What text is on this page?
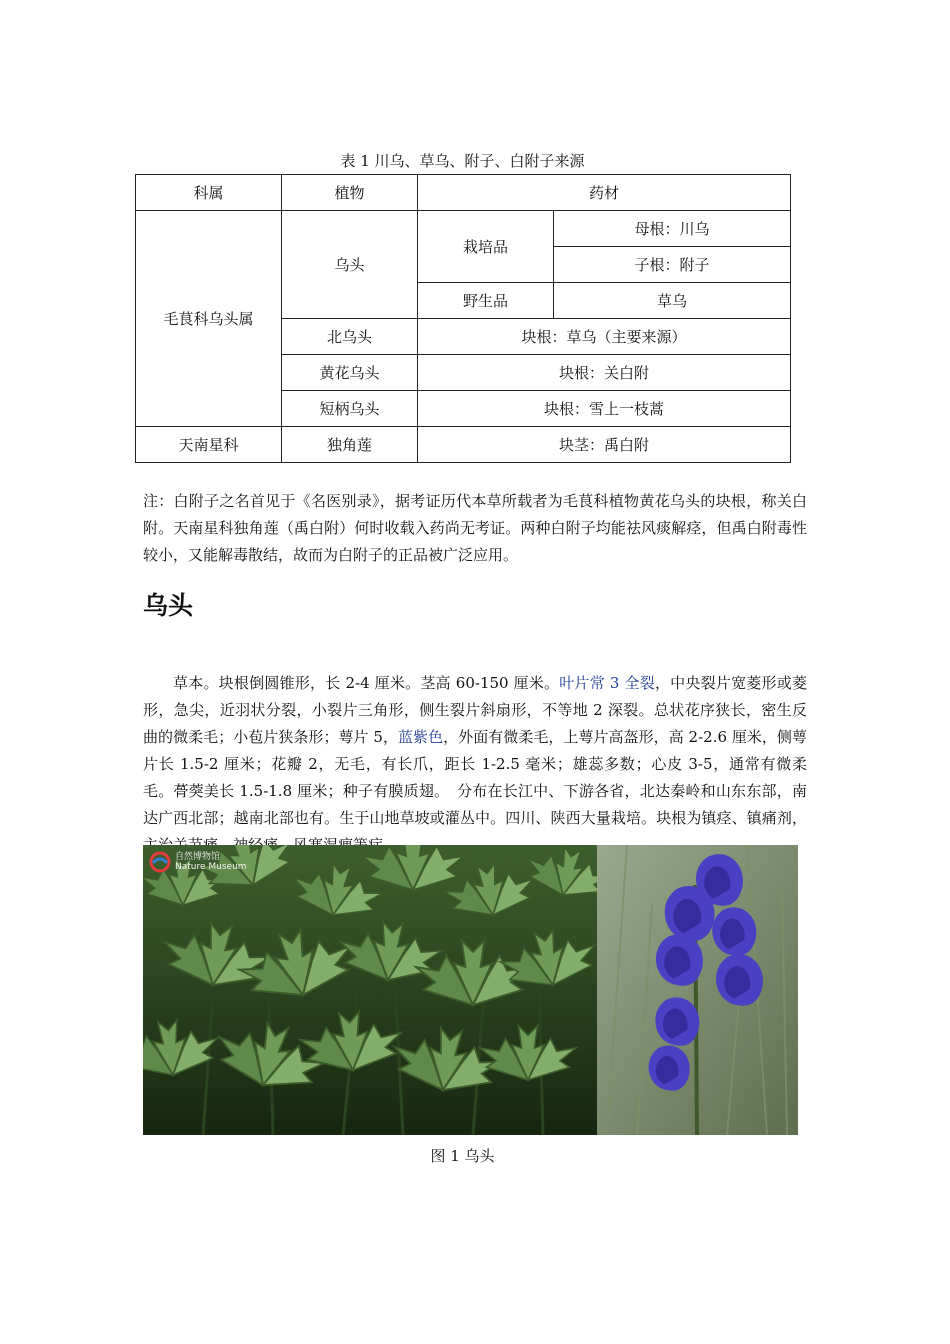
表 1 川乌、草乌、附子、白附子来源
科属	植物	药材	
毛茛科乌头属	乌头	栽培品	母根：川乌
			子根：附子
		野生品	草乌
	北乌头	块根：草乌（主要来源）	
	黄花乌头	块根：关白附	
	短柄乌头	块根：雪上一枝蒿	
天南星科	独角莲	块茎：禹白附	

注：白附子之名首见于《名医别录》，据考证历代本草所载者为毛茛科植物黄花乌头的块根，称关白附。天南星科独角莲（禹白附）何时收载入药尚无考证。两种白附子均能祛风痰解痉，但禹白附毒性较小，又能解毒散结，故而为白附子的正品被广泛应用。

乌头

草本。块根倒圆锥形，长 2-4 厘米。茎高 60-150 厘米。叶片常 3 全裂，中央裂片宽菱形或菱形，急尖，近羽状分裂，小裂片三角形，侧生裂片斜扇形，不等地 2 深裂。总状花序狭长，密生反曲的微柔毛；小苞片狭条形；萼片 5，蓝紫色，外面有微柔毛，上萼片高盔形，高 2-2.6 厘米，侧萼片长 1.5-2 厘米；花瓣 2，无毛，有长爪，距长 1-2.5 毫米；雄蕊多数；心皮 3-5，通常有微柔毛。蓇葖美长 1.5-1.8 厘米；种子有膜质翅。　分布在长江中、下游各省，北达秦岭和山东东部，南达广西北部；越南北部也有。生于山地草坡或灌丛中。四川、陕西大量栽培。块根为镇痉、镇痛剂，

自然博物馆
Nature Museum
图 1 乌头
